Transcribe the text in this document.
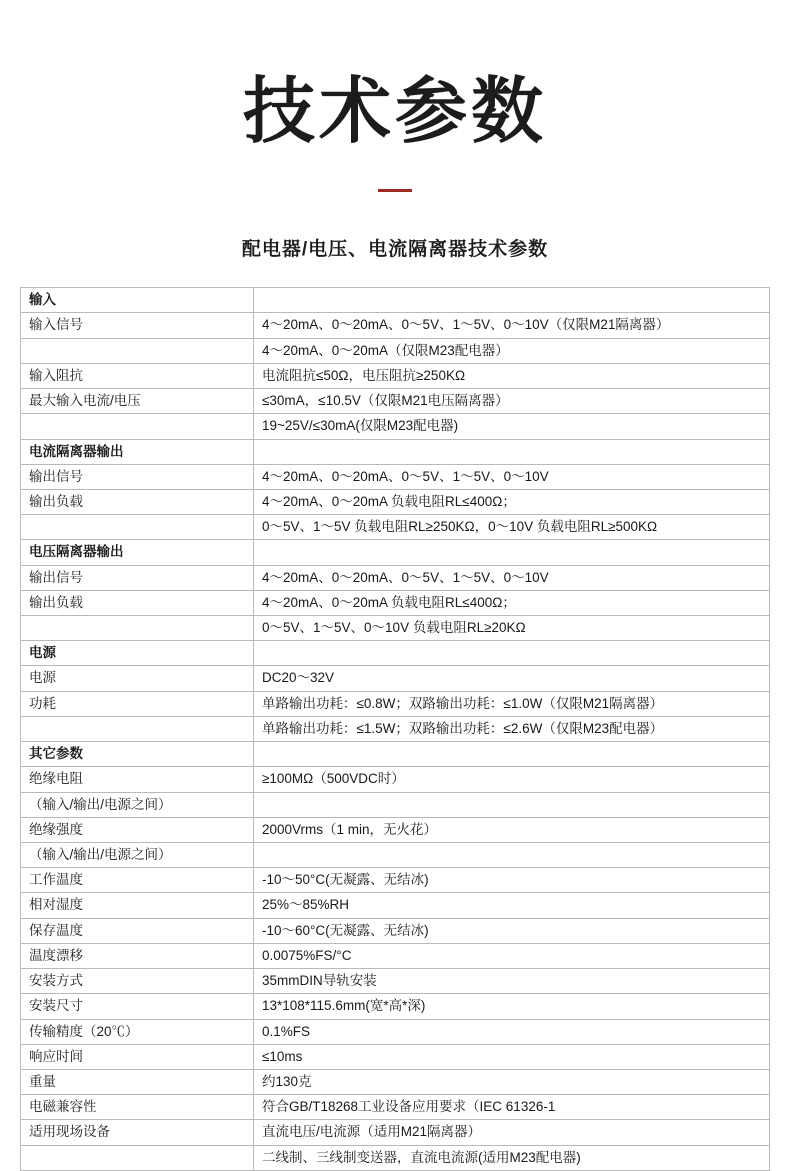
技术参数
配电器/电压、电流隔离器技术参数
输入	
输入信号	4～20mA、0～20mA、0～5V、1～5V、0～10V（仅限M21隔离器）
	4～20mA、0～20mA（仅限M23配电器）
输入阻抗	电流阻抗≤50Ω，电压阻抗≥250KΩ
最大输入电流/电压	≤30mA，≤10.5V（仅限M21电压隔离器）
	19~25V/≤30mA(仅限M23配电器)
电流隔离器输出	
输出信号	4～20mA、0～20mA、0～5V、1～5V、0～10V
输出负载	4～20mA、0～20mA 负载电阻RL≤400Ω；
	0～5V、1～5V 负载电阻RL≥250KΩ，0～10V 负载电阻RL≥500KΩ
电压隔离器输出	
输出信号	4～20mA、0～20mA、0～5V、1～5V、0～10V
输出负载	4～20mA、0～20mA 负载电阻RL≤400Ω；
	0～5V、1～5V、0～10V 负载电阻RL≥20KΩ
电源	
电源	DC20～32V
功耗	单路输出功耗：≤0.8W；双路输出功耗：≤1.0W（仅限M21隔离器）
	单路输出功耗：≤1.5W；双路输出功耗：≤2.6W（仅限M23配电器）
其它参数	
绝缘电阻	≥100MΩ（500VDC时）
（输入/输出/电源之间）	
绝缘强度	2000Vrms（1 min，无火花）
（输入/输出/电源之间）	
工作温度	-10～50°C(无凝露、无结冰)
相对湿度	25%～85%RH
保存温度	-10～60°C(无凝露、无结冰)
温度漂移	0.0075%FS/°C
安装方式	35mmDIN导轨安装
安装尺寸	13*108*115.6mm(宽*高*深)
传输精度（20℃）	0.1%FS
响应时间	≤10ms
重量	约130克
电磁兼容性	符合GB/T18268工业设备应用要求（IEC 61326-1
适用现场设备	直流电压/电流源（适用M21隔离器）
	二线制、三线制变送器，直流电流源(适用M23配电器)
